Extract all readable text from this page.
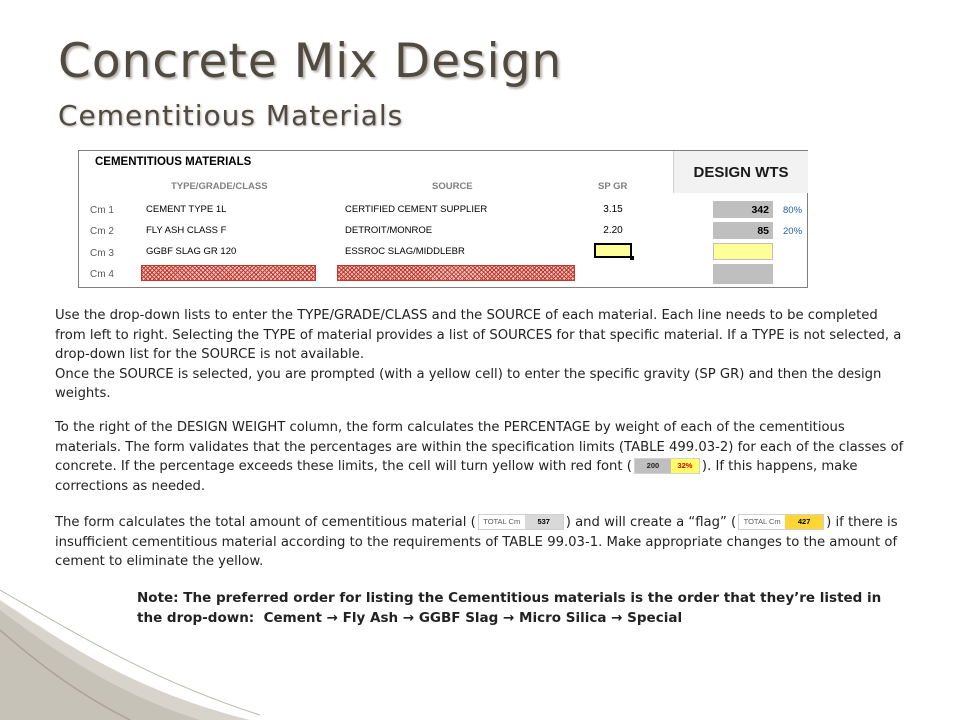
Concrete Mix Design
Cementitious Materials
CEMENTITIOUS MATERIALS
DESIGN WTS
TYPE/GRADE/CLASS	SOURCE	SP GR
Cm 1	CEMENT TYPE 1L	CERTIFIED CEMENT SUPPLIER	3.15	342	80%
Cm 2	FLY ASH CLASS F	DETROIT/MONROE	2.20	85	20%
Cm 3	GGBF SLAG GR 120	ESSROC SLAG/MIDDLEBR
Cm 4
Use the drop-down lists to enter the TYPE/GRADE/CLASS and the SOURCE of each material. Each line needs to be completed from left to right. Selecting the TYPE of material provides a list of SOURCES for that specific material. If a TYPE is not selected, a drop-down list for the SOURCE is not available.
Once the SOURCE is selected, you are prompted (with a yellow cell) to enter the specific gravity (SP GR) and then the design weights.
To the right of the DESIGN WEIGHT column, the form calculates the PERCENTAGE by weight of each of the cementitious materials. The form validates that the percentages are within the specification limits (TABLE 499.03-2) for each of the classes of concrete. If the percentage exceeds these limits, the cell will turn yellow with red font (	200	32% ). If this happens, make corrections as needed.
The form calculates the total amount of cementitious material (	TOTAL Cm	537	) and will create a “flag” (	TOTAL Cm	427	) if there is insufficient cementitious material according to the requirements of TABLE 99.03-1. Make appropriate changes to the amount of cement to eliminate the yellow.
Note: The preferred order for listing the Cementitious materials is the order that they’re listed in the drop-down: Cement → Fly Ash → GGBF Slag → Micro Silica → Special
